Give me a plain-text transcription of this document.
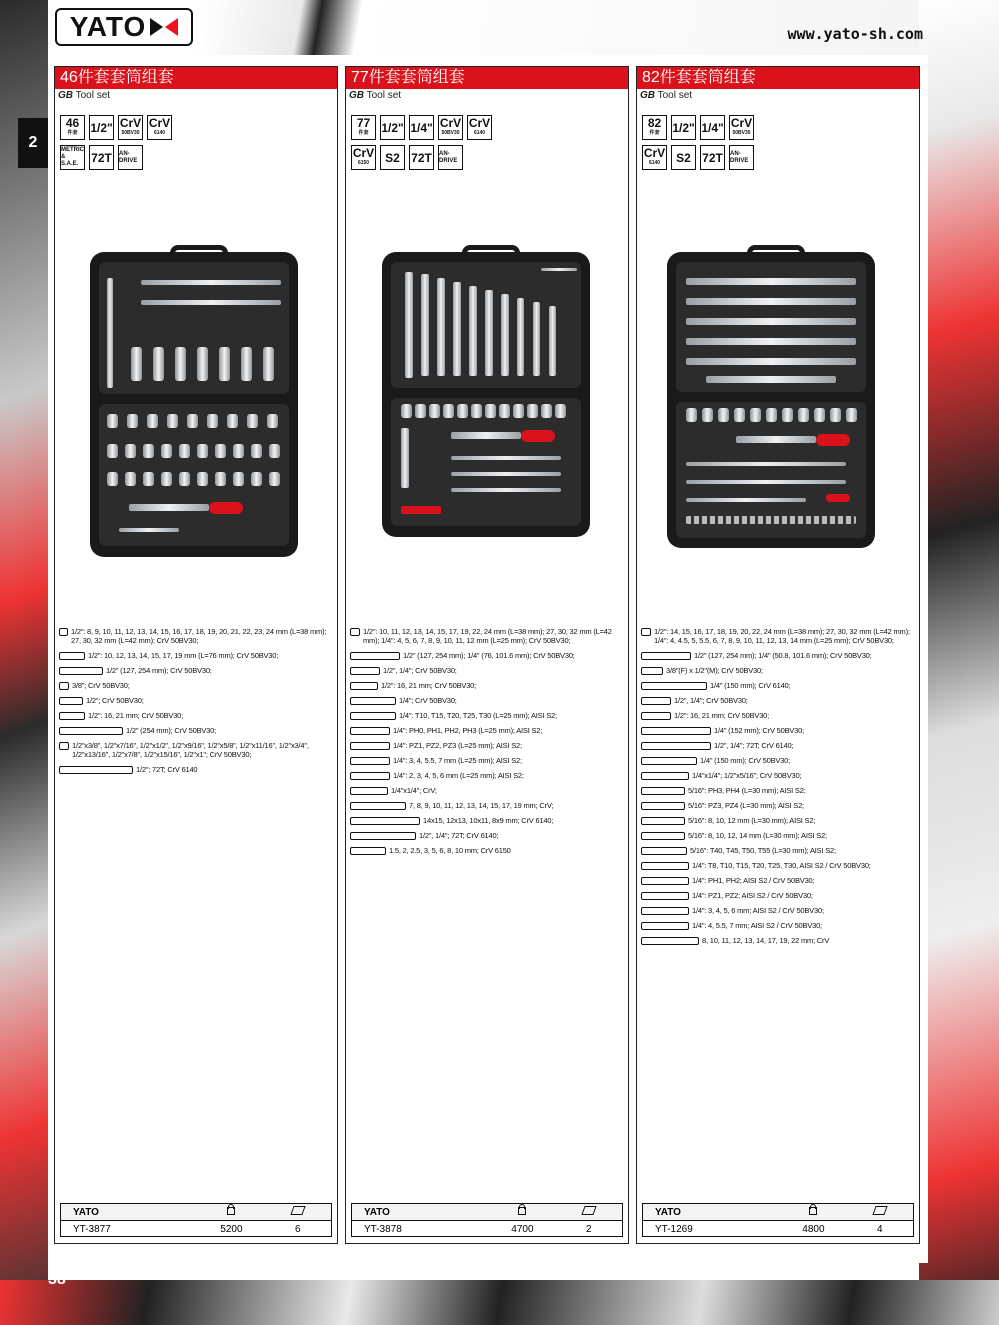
YATO	www.yato-sh.com
2
38
46件套套筒组套
GB Tool set
46
件套 1/2" CrV
50BV30
CrV
6140
METRIC & S.A.E.	72T	AN-DRIVE
1/2": 8, 9, 10, 11, 12, 13, 14, 15, 16, 17, 18, 19, 20, 21, 22, 23, 24 mm (L=38 mm); 27, 30, 32 mm (L=42 mm); CrV 50BV30;
1/2": 10, 12, 13, 14, 15, 17, 19 mm (L=76 mm); CrV 50BV30;
1/2" (127, 254 mm); CrV 50BV30;
3/8"; CrV 50BV30;
1/2"; CrV 50BV30;
1/2": 16, 21 mm; CrV 50BV30;
1/2" (254 mm); CrV 50BV30;
1/2"x3/8", 1/2"x7/16", 1/2"x1/2", 1/2"x9/16", 1/2"x5/8", 1/2"x11/16", 1/2"x3/4", 1/2"x13/16", 1/2"x7/8", 1/2"x15/16", 1/2"x1"; CrV 50BV30;
1/2"; 72T; CrV 6140
YATO
YT-3877	5200	6
77件套套筒组套
GB Tool set
77
件套 1/2" 1/4" CrV
50BV30
CrV
6140
CrV
6150	S2 72T	AN-DRIVE
1/2": 10, 11, 12, 13, 14, 15, 17, 19, 22, 24 mm (L=38 mm); 27, 30, 32 mm (L=42 mm); 1/4": 4, 5, 6, 7, 8, 9, 10, 11, 12 mm (L=25 mm); CrV 50BV30;
1/2" (127, 254 mm); 1/4" (76, 101.6 mm); CrV 50BV30;
1/2", 1/4"; CrV 50BV30;
1/2": 16, 21 mm; CrV 50BV30;
1/4"; CrV 50BV30;
1/4": T10, T15, T20, T25, T30 (L=25 mm); AISI S2;
1/4": PH0, PH1, PH2, PH3 (L=25 mm); AISI S2;
1/4": PZ1, PZ2, PZ3 (L=25 mm); AISI S2;
1/4": 3, 4, 5.5, 7 mm (L=25 mm); AISI S2;
1/4": 2, 3, 4, 5, 6 mm (L=25 mm); AISI S2;
1/4"x1/4"; CrV;
7, 8, 9, 10, 11, 12, 13, 14, 15, 17, 19 mm; CrV;
14x15, 12x13, 10x11, 8x9 mm; CrV 6140;
1/2", 1/4"; 72T; CrV 6140;
1.5, 2, 2.5, 3, 5, 6, 8, 10 mm; CrV 6150
YATO
YT-3878	4700	2
82件套套筒组套
GB Tool set
82
件套 1/2" 1/4" CrV
50BV30
CrV
6140	S2 72T	AN-DRIVE
1/2": 14, 15, 16, 17, 18, 19, 20, 22, 24 mm (L=38 mm); 27, 30, 32 mm (L=42 mm); 1/4": 4, 4.5, 5, 5.5, 6, 7, 8, 9, 10, 11, 12, 13, 14 mm (L=25 mm); CrV 50BV30;
1/2" (127, 254 mm); 1/4" (50.8, 101.6 mm); CrV 50BV30;
3/8"(F) x 1/2"(M); CrV 50BV30;
1/4" (150 mm); CrV 6140;
1/2", 1/4"; CrV 50BV30;
1/2": 16, 21 mm; CrV 50BV30;
1/4" (152 mm); CrV 50BV30;
1/2", 1/4"; 72T; CrV 6140;
1/4" (150 mm); CrV 50BV30;
1/4"x1/4"; 1/2"x5/16"; CrV 50BV30;
5/16": PH3, PH4 (L=30 mm); AISI S2;
5/16": PZ3, PZ4 (L=30 mm); AISI S2;
5/16": 8, 10, 12 mm (L=30 mm); AISI S2;
5/16": 8, 10, 12, 14 mm (L=30 mm); AISI S2;
5/16": T40, T45, T50, T55 (L=30 mm); AISI S2;
1/4": T8, T10, T15, T20, T25, T30, AISI S2 / CrV 50BV30;
1/4": PH1, PH2; AISI S2 / CrV 50BV30;
1/4": PZ1, PZ2; AISI S2 / CrV 50BV30;
1/4": 3, 4, 5, 6 mm; AISI S2 / CrV 50BV30;
1/4": 4, 5.5, 7 mm; AISI S2 / CrV 50BV30;
8, 10, 11, 12, 13, 14, 17, 19, 22 mm; CrV
YATO
YT-1269	4800	4
